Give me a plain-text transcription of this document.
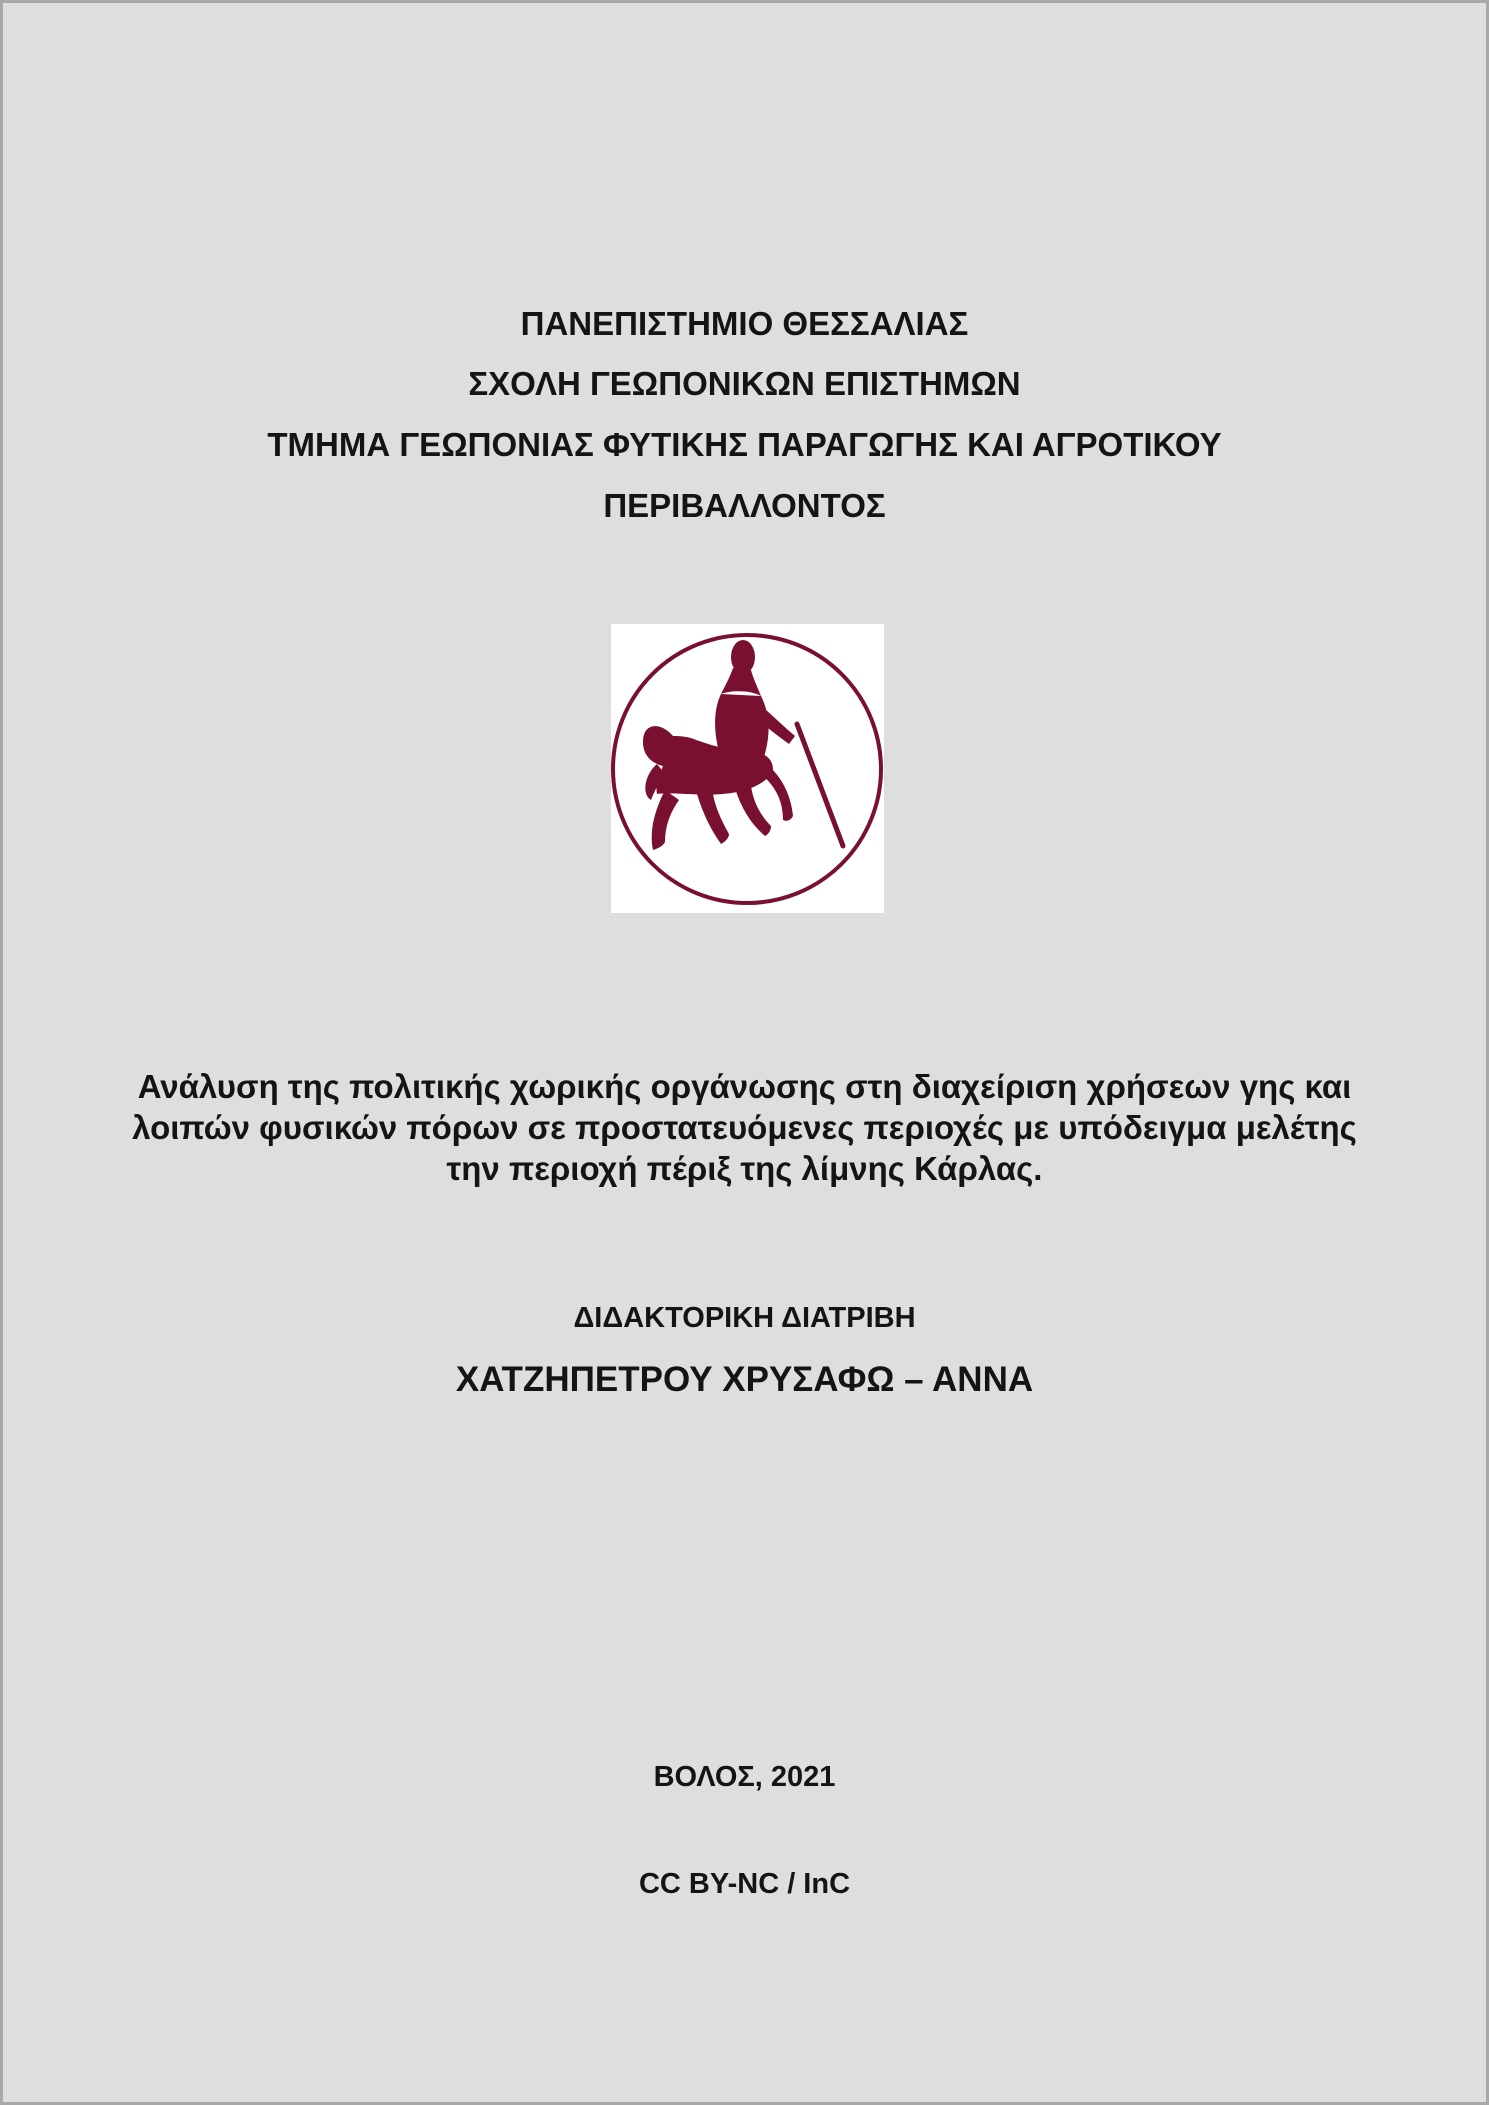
ΠΑΝΕΠΙΣΤΗΜΙΟ ΘΕΣΣΑΛΙΑΣ
ΣΧΟΛΗ ΓΕΩΠΟΝΙΚΩΝ ΕΠΙΣΤΗΜΩΝ
ΤΜΗΜΑ ΓΕΩΠΟΝΙΑΣ ΦΥΤΙΚΗΣ ΠΑΡΑΓΩΓΗΣ ΚΑΙ ΑΓΡΟΤΙΚΟΥ
ΠΕΡΙΒΑΛΛΟΝΤΟΣ
Ανάλυση της πολιτικής χωρικής οργάνωσης στη διαχείριση χρήσεων γης και
λοιπών φυσικών πόρων σε προστατευόμενες περιοχές με υπόδειγμα μελέτης
την περιοχή πέριξ της λίμνης Κάρλας.
ΔΙΔΑΚΤΟΡΙΚΗ ΔΙΑΤΡΙΒΗ
ΧΑΤΖΗΠΕΤΡΟΥ ΧΡΥΣΑΦΩ – ΑΝΝΑ
ΒΟΛΟΣ, 2021
CC BY-NC / InC
